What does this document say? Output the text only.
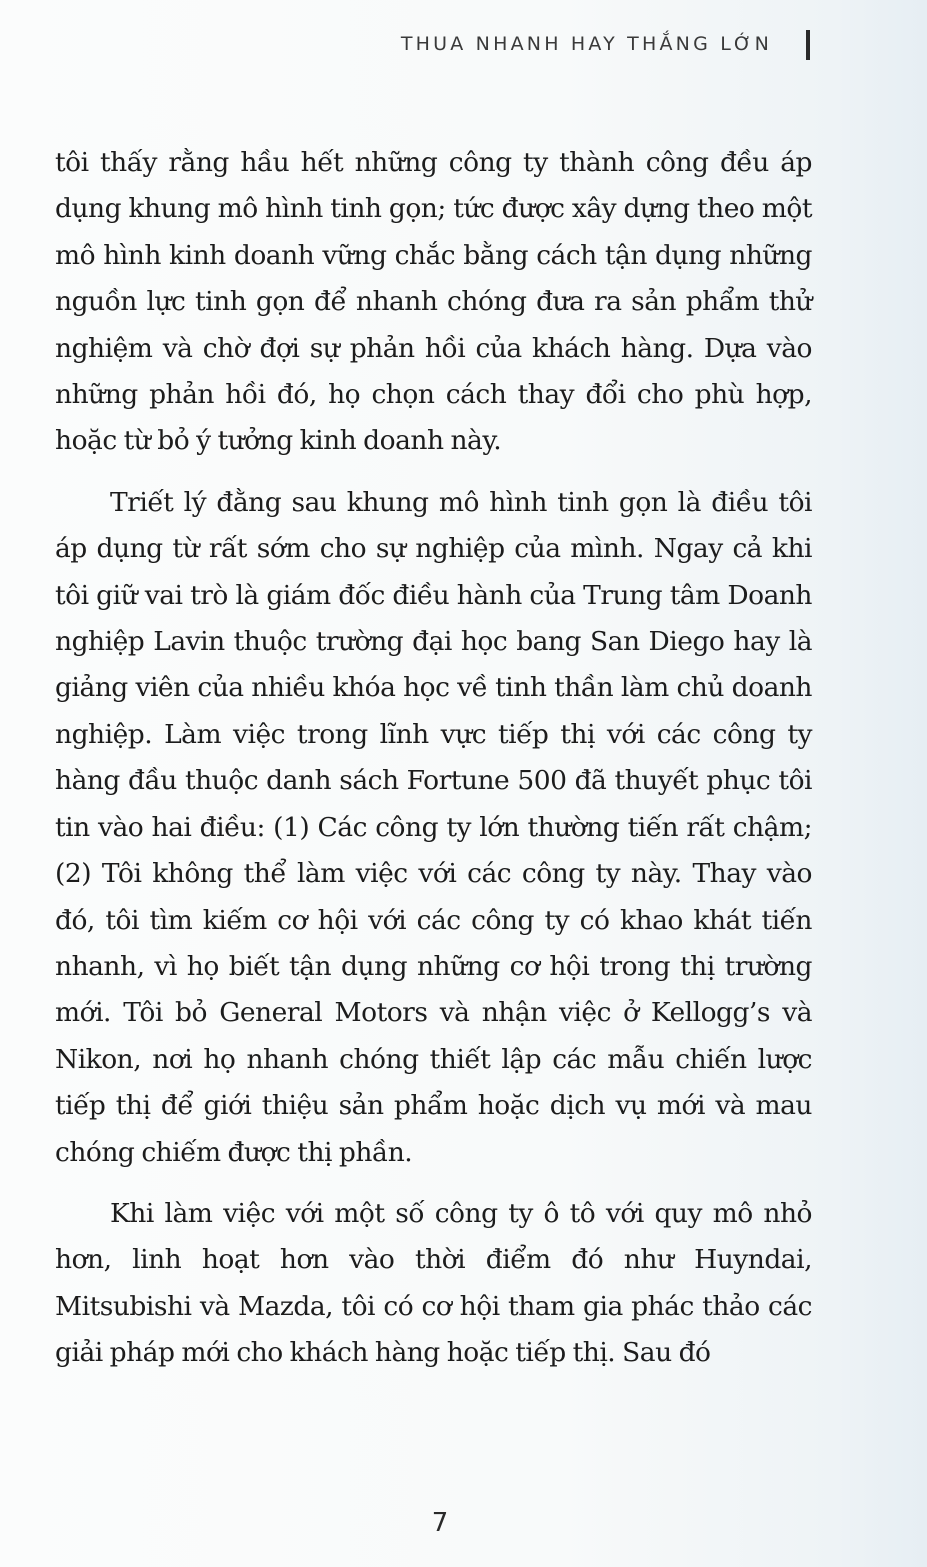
THUA NHANH HAY THẮNG LỚN

tôi thấy rằng hầu hết những công ty thành công đều áp dụng khung mô hình tinh gọn; tức được xây dựng theo một mô hình kinh doanh vững chắc bằng cách tận dụng những nguồn lực tinh gọn để nhanh chóng đưa ra sản phẩm thử nghiệm và chờ đợi sự phản hồi của khách hàng. Dựa vào những phản hồi đó, họ chọn cách thay đổi cho phù hợp, hoặc từ bỏ ý tưởng kinh doanh này.

Triết lý đằng sau khung mô hình tinh gọn là điều tôi áp dụng từ rất sớm cho sự nghiệp của mình. Ngay cả khi tôi giữ vai trò là giám đốc điều hành của Trung tâm Doanh nghiệp Lavin thuộc trường đại học bang San Diego hay là giảng viên của nhiều khóa học về tinh thần làm chủ doanh nghiệp. Làm việc trong lĩnh vực tiếp thị với các công ty hàng đầu thuộc danh sách Fortune 500 đã thuyết phục tôi tin vào hai điều: (1) Các công ty lớn thường tiến rất chậm; (2) Tôi không thể làm việc với các công ty này. Thay vào đó, tôi tìm kiếm cơ hội với các công ty có khao khát tiến nhanh, vì họ biết tận dụng những cơ hội trong thị trường mới. Tôi bỏ General Motors và nhận việc ở Kellogg’s và Nikon, nơi họ nhanh chóng thiết lập các mẫu chiến lược tiếp thị để giới thiệu sản phẩm hoặc dịch vụ mới và mau chóng chiếm được thị phần.

Khi làm việc với một số công ty ô tô với quy mô nhỏ hơn, linh hoạt hơn vào thời điểm đó như Huyndai, Mitsubishi và Mazda, tôi có cơ hội tham gia phác thảo các giải pháp mới cho khách hàng hoặc tiếp thị. Sau đó

7
